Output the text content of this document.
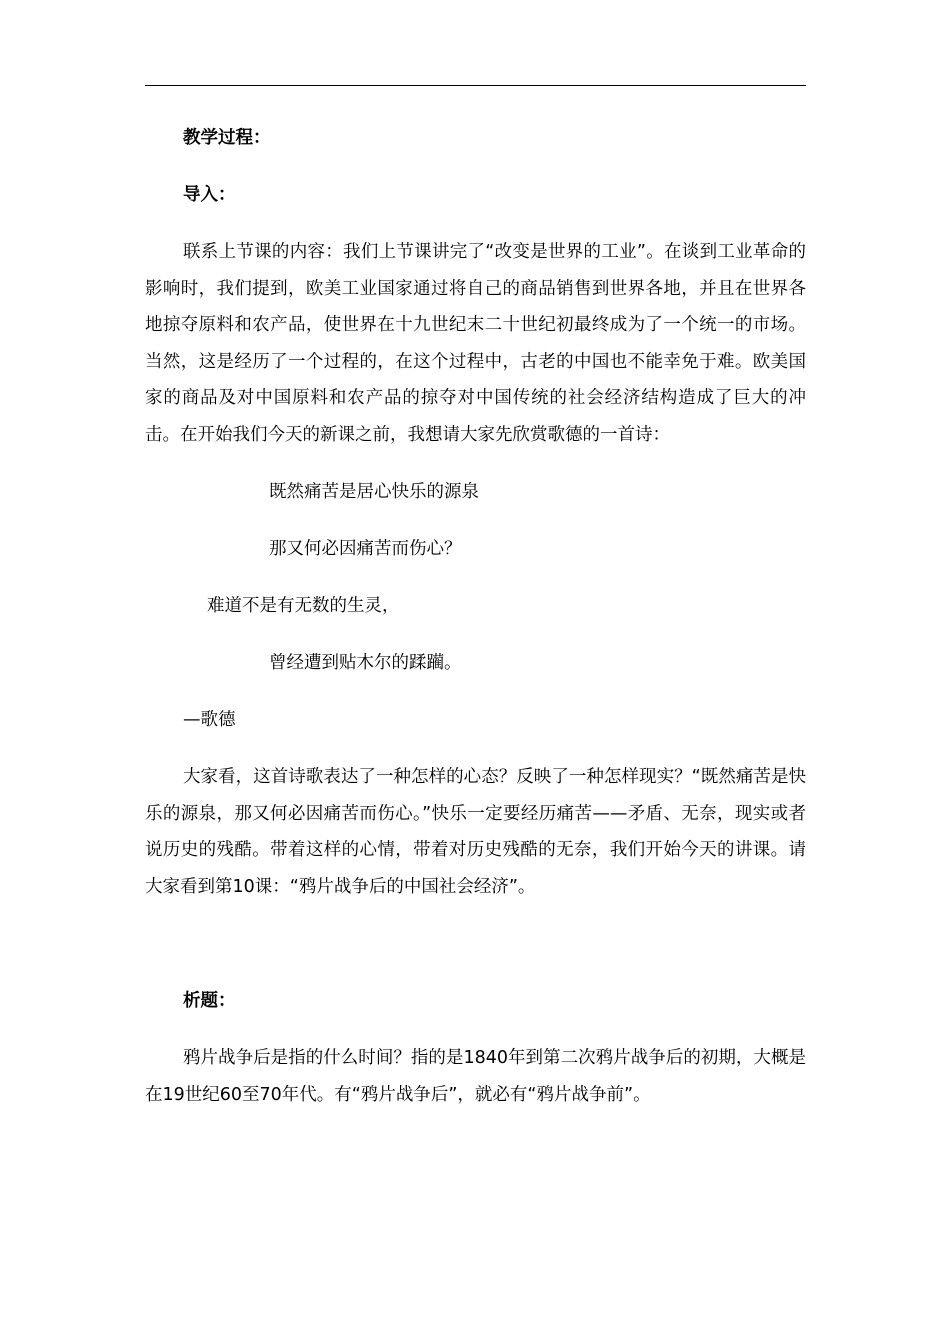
教学过程：

导入：

联系上节课的内容：我们上节课讲完了“改变是世界的工业”。在谈到工业革命的影响时，我们提到，欧美工业国家通过将自己的商品销售到世界各地，并且在世界各地掠夺原料和农产品，使世界在十九世纪末二十世纪初最终成为了一个统一的市场。当然，这是经历了一个过程的，在这个过程中，古老的中国也不能幸免于难。欧美国家的商品及对中国原料和农产品的掠夺对中国传统的社会经济结构造成了巨大的冲击。在开始我们今天的新课之前，我想请大家先欣赏歌德的一首诗：

既然痛苦是居心快乐的源泉

那又何必因痛苦而伤心？

难道不是有无数的生灵，

曾经遭到贴木尔的蹂躏。

—歌德

大家看，这首诗歌表达了一种怎样的心态？反映了一种怎样现实？“既然痛苦是快乐的源泉，那又何必因痛苦而伤心。”快乐一定要经历痛苦——矛盾、无奈，现实或者说历史的残酷。带着这样的心情，带着对历史残酷的无奈，我们开始今天的讲课。请大家看到第10课：“鸦片战争后的中国社会经济”。

析题：

鸦片战争后是指的什么时间？指的是1840年到第二次鸦片战争后的初期，大概是在19世纪60至70年代。有“鸦片战争后”，就必有“鸦片战争前”。
